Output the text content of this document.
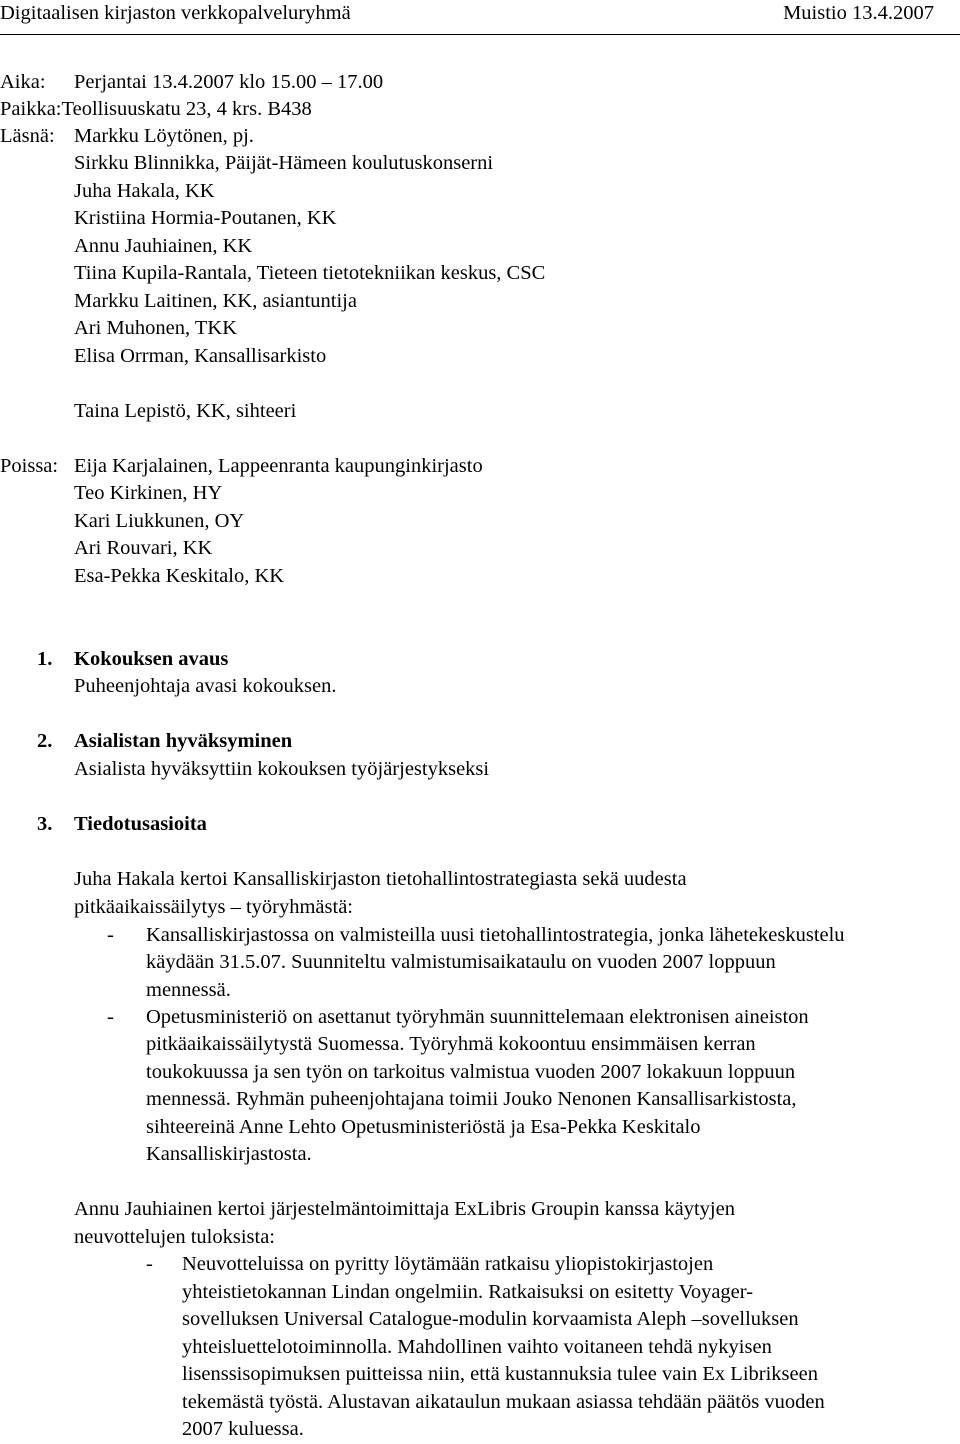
Digitaalisen kirjaston verkkopalveluryhmä	Muistio 13.4.2007
Aika: Perjantai 13.4.2007 klo 15.00 – 17.00
Paikka:Teollisuuskatu 23, 4 krs. B438
Läsnä: Markku Löytönen, pj.
Sirkku Blinnikka, Päijät-Hämeen koulutuskonserni
Juha Hakala, KK
Kristiina Hormia-Poutanen, KK
Annu Jauhiainen, KK
Tiina Kupila-Rantala, Tieteen tietotekniikan keskus, CSC
Markku Laitinen, KK, asiantuntija
Ari Muhonen, TKK
Elisa Orrman, Kansallisarkisto
Taina Lepistö, KK, sihteeri
Poissa: Eija Karjalainen, Lappeenranta kaupunginkirjasto
Teo Kirkinen, HY
Kari Liukkunen, OY
Ari Rouvari, KK
Esa-Pekka Keskitalo, KK
1. Kokouksen avaus
Puheenjohtaja avasi kokouksen.
2. Asialistan hyväksyminen
Asialista hyväksyttiin kokouksen työjärjestykseksi
3. Tiedotusasioita
Juha Hakala kertoi Kansalliskirjaston tietohallintostrategiasta sekä uudesta
pitkäaikaissäilytys – työryhmästä:
- Kansalliskirjastossa on valmisteilla uusi tietohallintostrategia, jonka lähetekeskustelu
käydään 31.5.07. Suunniteltu valmistumisaikataulu on vuoden 2007 loppuun
mennessä.
- Opetusministeriö on asettanut työryhmän suunnittelemaan elektronisen aineiston
pitkäaikaissäilytystä Suomessa. Työryhmä kokoontuu ensimmäisen kerran
toukokuussa ja sen työn on tarkoitus valmistua vuoden 2007 lokakuun loppuun
mennessä. Ryhmän puheenjohtajana toimii Jouko Nenonen Kansallisarkistosta,
sihteereinä Anne Lehto Opetusministeriöstä ja Esa-Pekka Keskitalo
Kansalliskirjastosta.
Annu Jauhiainen kertoi järjestelmäntoimittaja ExLibris Groupin kanssa käytyjen
neuvottelujen tuloksista:
- Neuvotteluissa on pyritty löytämään ratkaisu yliopistokirjastojen
yhteistietokannan Lindan ongelmiin. Ratkaisuksi on esitetty Voyager-
sovelluksen Universal Catalogue-modulin korvaamista Aleph –sovelluksen
yhteisluettelotoiminnolla. Mahdollinen vaihto voitaneen tehdä nykyisen
lisenssisopimuksen puitteissa niin, että kustannuksia tulee vain Ex Librikseen
tekemästä työstä. Alustavan aikataulun mukaan asiassa tehdään päätös vuoden
2007 kuluessa.
